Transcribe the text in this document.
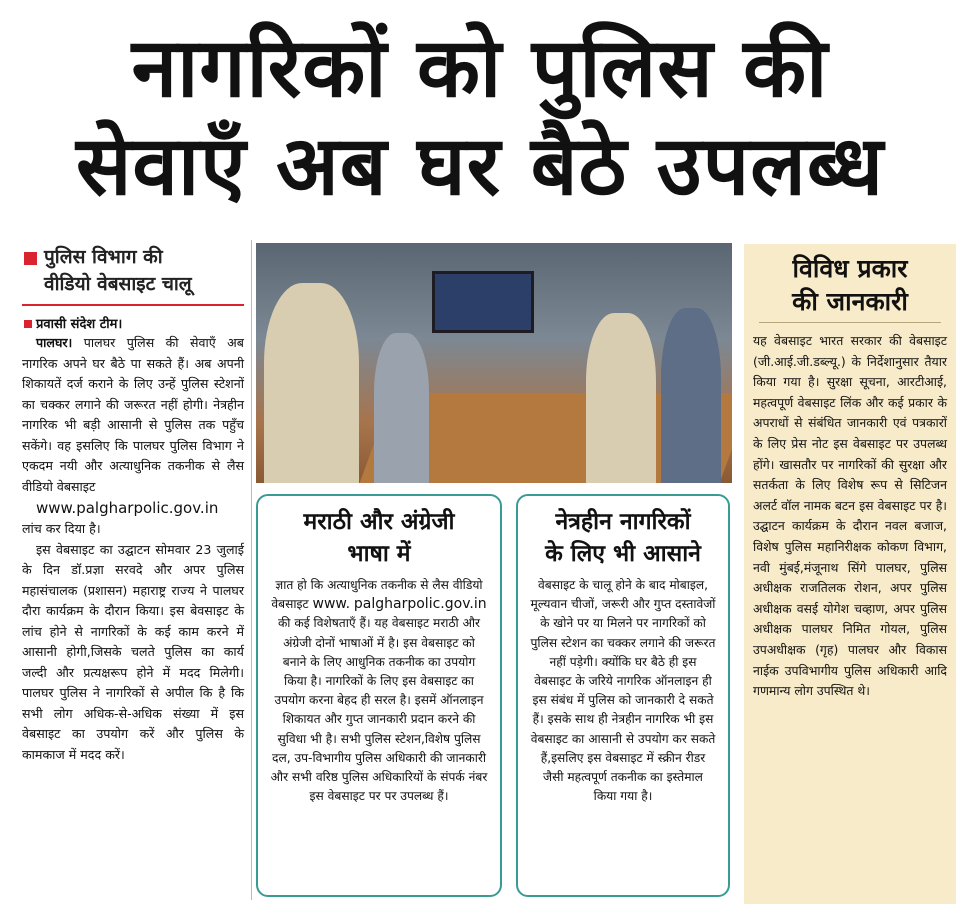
नागरिकों को पुलिस की
सेवाएँ अब घर बैठे उपलब्ध
पुलिस विभाग की
वीडियो वेबसाइट चालू
प्रवासी संदेश टीम।

पालघर। पालघर पुलिस की सेवाएँ अब नागरिक अपने घर बैठे पा सकते हैं। अब अपनी शिकायतें दर्ज कराने के लिए उन्हें पुलिस स्टेशनों का चक्कर लगाने की जरूरत नहीं होगी। नेत्रहीन नागरिक भी बड़ी आसानी से पुलिस तक पहुँच सकेंगे। वह इसलिए कि पालघर पुलिस विभाग ने एकदम नयी और अत्याधुनिक तकनीक से लैस वीडियो वेबसाइट
www.palgharpolic.gov.in
लांच कर दिया है।

इस वेबसाइट का उद्घाटन सोमवार 23 जुलाई के दिन डॉ.प्रज्ञा सरवदे और अपर पुलिस महासंचालक (प्रशासन) महाराष्ट्र राज्य ने पालघर दौरा कार्यक्रम के दौरान किया। इस बेवसाइट के लांच होने से नागरिकों के कई काम करने में आसानी होगी,जिसके चलते पुलिस का कार्य जल्दी और प्रत्यक्षरूप होने में मदद मिलेगी। पालघर पुलिस ने नागरिकों से अपील कि है कि सभी लोग अधिक-से-अधिक संख्या में इस वेबसाइट का उपयोग करें और पुलिस के कामकाज में मदद करें।

मराठी और अंग्रेजी
भाषा में

ज्ञात हो कि अत्याधुनिक तकनीक से लैस वीडियो वेबसाइट www. palgharpolic.gov.in की कई विशेषताएँ हैं। यह वेबसाइट मराठी और अंग्रेजी दोनों भाषाओं में है। इस वेबसाइट को बनाने के लिए आधुनिक तकनीक का उपयोग किया है। नागरिकों के लिए इस वेबसाइट का उपयोग करना बेहद ही सरल है। इसमें ऑनलाइन शिकायत और गुप्त जानकारी प्रदान करने की सुविधा भी है। सभी पुलिस स्टेशन,विशेष पुलिस दल, उप-विभागीय पुलिस अधिकारी की जानकारी और सभी वरिष्ठ पुलिस अधिकारियों के संपर्क नंबर इस वेबसाइट पर पर उपलब्ध हैं।

नेत्रहीन नागरिकों
के लिए भी आसाने

वेबसाइट के चालू होने के बाद मोबाइल, मूल्यवान चीजों, जरूरी और गुप्त दस्तावेजों के खोने पर या मिलने पर नागरिकों को पुलिस स्टेशन का चक्कर लगाने की जरूरत नहीं पड़ेगी। क्योंकि घर बैठे ही इस वेबसाइट के जरिये नागरिक ऑनलाइन ही इस संबंध में पुलिस को जानकारी दे सकते हैं। इसके साथ ही नेत्रहीन नागरिक भी इस वेबसाइट का आसानी से उपयोग कर सकते हैं,इसलिए इस वेबसाइट में स्क्रीन रीडर जैसी महत्वपूर्ण तकनीक का इस्तेमाल किया गया है।

विविध प्रकार
की जानकारी

यह वेबसाइट भारत सरकार की वेबसाइट (जी.आई.जी.डब्ल्यू.) के निर्देशानुसार तैयार किया गया है। सुरक्षा सूचना, आरटीआई, महत्वपूर्ण वेबसाइट लिंक और कई प्रकार के अपराधों से संबंधित जानकारी एवं पत्रकारों के लिए प्रेस नोट इस वेबसाइट पर उपलब्ध होंगे। खासतौर पर नागरिकों की सुरक्षा और सतर्कता के लिए विशेष रूप से सिटिजन अलर्ट वॉल नामक बटन इस वेबसाइट पर है। उद्घाटन कार्यक्रम के दौरान नवल बजाज, विशेष पुलिस महानिरीक्षक कोकण विभाग, नवी मुंबई,मंजूनाथ सिंगे पालघर, पुलिस अधीक्षक राजतिलक रोशन, अपर पुलिस अधीक्षक वसई योगेश चव्हाण, अपर पुलिस अधीक्षक पालघर निमित गोयल, पुलिस उपअधीक्षक (गृह) पालघर और विकास नाईक उपविभागीय पुलिस अधिकारी आदि गणमान्य लोग उपस्थित थे।
